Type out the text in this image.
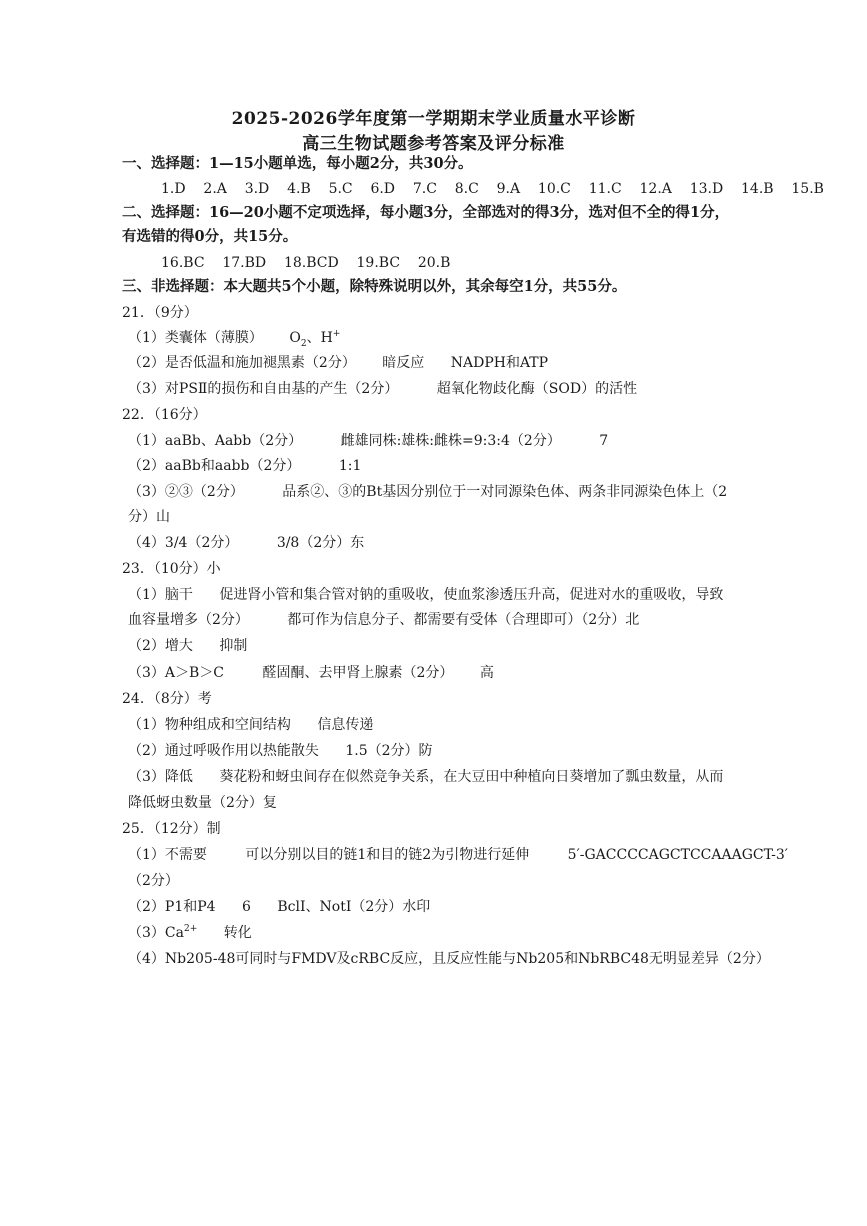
2025-2026学年度第一学期期末学业质量水平诊断
高三生物试题参考答案及评分标准
一、选择题：1—15小题单选，每小题2分，共30分。
1.D 2.A 3.D 4.B 5.C 6.D 7.C 8.C 9.A 10.C 11.C 12.A 13.D 14.B 15.B
二、选择题：16—20小题不定项选择，每小题3分，全部选对的得3分，选对但不全的得1分，
有选错的得0分，共15分。
16.BC 17.BD 18.BCD 19.BC 20.B
三、非选择题：本大题共5个小题，除特殊说明以外，其余每空1分，共55分。
21．（9分）
（1）类囊体（薄膜） $O_2$、H+
（2）是否低温和施加褪黑素（2分） 暗反应 NADPH和ATP
（3）对PSⅡ的损伤和自由基的产生（2分）	超氧化物歧化酶（SOD）的活性
22．（16分）
（1）aaBb、Aabb（2分）	雌雄同株:雄株:雌株=9:3:4（2分）	7
（2）aaBb和aabb（2分）	1:1
（3）②③（2分）	品系②、③的Bt基因分别位于一对同源染色体、两条非同源染色体上（2
分）山
（4）3/4（2分）	3/8（2分）东
23．（10分）小
（1）脑干 促进肾小管和集合管对钠的重吸收，使血浆渗透压升高，促进对水的重吸收，导致
血容量增多（2分）	都可作为信息分子、都需要有受体（合理即可）（2分）北
（2）增大 抑制
（3）A＞B＞C	醛固酮、去甲肾上腺素（2分） 高
24．（8分）考
（1）物种组成和空间结构 信息传递
（2）通过呼吸作用以热能散失 1.5（2分）防
（3）降低 葵花粉和蚜虫间存在似然竞争关系，在大豆田中种植向日葵增加了瓢虫数量，从而
降低蚜虫数量（2分）复
25．（12分）制
（1）不需要	可以分别以目的链1和目的链2为引物进行延伸	5′-GACCCCAGCTCCAAAGCT-3′
（2分）
（2）P1和P4 6 BclⅠ、NotⅠ（2分）水印
$(3)Ca^{2+}$ 转化
（4）Nb205-48可同时与FMDV及cRBC反应，且反应性能与Nb205和NbRBC48无明显差异（2分）
